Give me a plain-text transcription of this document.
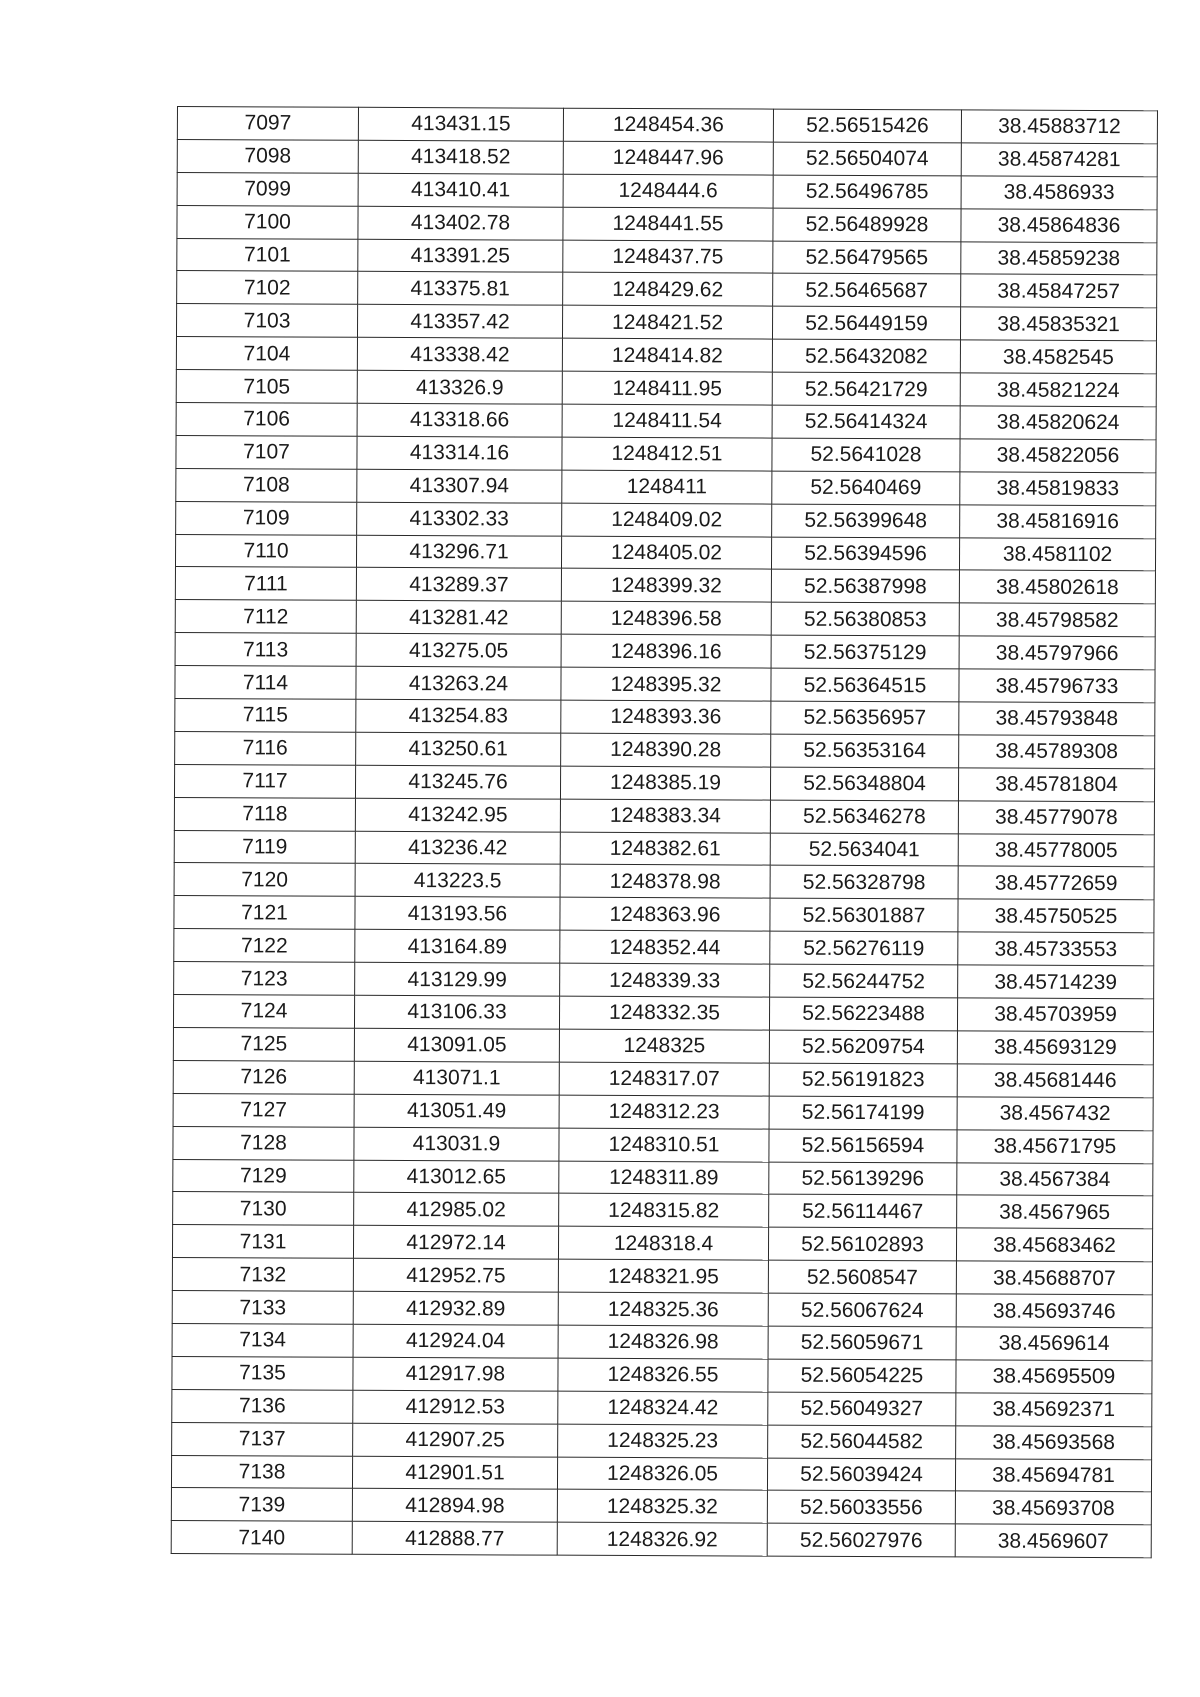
7097	413431.15	1248454.36	52.56515426	38.45883712
7098	413418.52	1248447.96	52.56504074	38.45874281
7099	413410.41	1248444.6	52.56496785	38.4586933
7100	413402.78	1248441.55	52.56489928	38.45864836
7101	413391.25	1248437.75	52.56479565	38.45859238
7102	413375.81	1248429.62	52.56465687	38.45847257
7103	413357.42	1248421.52	52.56449159	38.45835321
7104	413338.42	1248414.82	52.56432082	38.4582545
7105	413326.9	1248411.95	52.56421729	38.45821224
7106	413318.66	1248411.54	52.56414324	38.45820624
7107	413314.16	1248412.51	52.5641028	38.45822056
7108	413307.94	1248411	52.5640469	38.45819833
7109	413302.33	1248409.02	52.56399648	38.45816916
7110	413296.71	1248405.02	52.56394596	38.4581102
7111	413289.37	1248399.32	52.56387998	38.45802618
7112	413281.42	1248396.58	52.56380853	38.45798582
7113	413275.05	1248396.16	52.56375129	38.45797966
7114	413263.24	1248395.32	52.56364515	38.45796733
7115	413254.83	1248393.36	52.56356957	38.45793848
7116	413250.61	1248390.28	52.56353164	38.45789308
7117	413245.76	1248385.19	52.56348804	38.45781804
7118	413242.95	1248383.34	52.56346278	38.45779078
7119	413236.42	1248382.61	52.5634041	38.45778005
7120	413223.5	1248378.98	52.56328798	38.45772659
7121	413193.56	1248363.96	52.56301887	38.45750525
7122	413164.89	1248352.44	52.56276119	38.45733553
7123	413129.99	1248339.33	52.56244752	38.45714239
7124	413106.33	1248332.35	52.56223488	38.45703959
7125	413091.05	1248325	52.56209754	38.45693129
7126	413071.1	1248317.07	52.56191823	38.45681446
7127	413051.49	1248312.23	52.56174199	38.4567432
7128	413031.9	1248310.51	52.56156594	38.45671795
7129	413012.65	1248311.89	52.56139296	38.4567384
7130	412985.02	1248315.82	52.56114467	38.4567965
7131	412972.14	1248318.4	52.56102893	38.45683462
7132	412952.75	1248321.95	52.5608547	38.45688707
7133	412932.89	1248325.36	52.56067624	38.45693746
7134	412924.04	1248326.98	52.56059671	38.4569614
7135	412917.98	1248326.55	52.56054225	38.45695509
7136	412912.53	1248324.42	52.56049327	38.45692371
7137	412907.25	1248325.23	52.56044582	38.45693568
7138	412901.51	1248326.05	52.56039424	38.45694781
7139	412894.98	1248325.32	52.56033556	38.45693708
7140	412888.77	1248326.92	52.56027976	38.4569607
